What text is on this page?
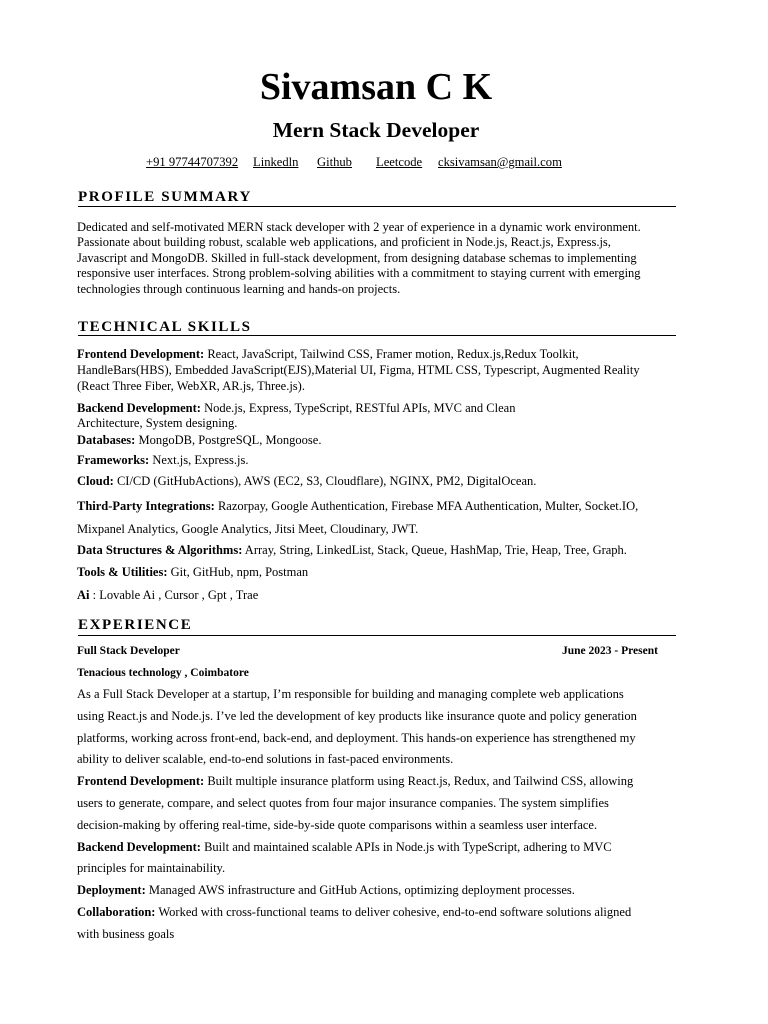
Sivamsan C K
Mern Stack Developer
+91 97744707392 Linkedln Github Leetcode cksivamsan@gmail.com
PROFILE SUMMARY
Dedicated and self-motivated MERN stack developer with 2 year of experience in a dynamic work environment.
Passionate about building robust, scalable web applications, and proficient in Node.js, React.js, Express.js,
Javascript and MongoDB. Skilled in full-stack development, from designing database schemas to implementing
responsive user interfaces. Strong problem-solving abilities with a commitment to staying current with emerging
technologies through continuous learning and hands-on projects.
TECHNICAL SKILLS
Frontend Development: React, JavaScript, Tailwind CSS, Framer motion, Redux.js,Redux Toolkit,
HandleBars(HBS), Embedded JavaScript(EJS),Material UI, Figma, HTML CSS, Typescript, Augmented Reality
(React Three Fiber, WebXR, AR.js, Three.js).
Backend Development: Node.js, Express, TypeScript, RESTful APIs, MVC and Clean
Architecture, System designing.
Databases: MongoDB, PostgreSQL, Mongoose.
Frameworks: Next.js, Express.js.
Cloud: CI/CD (GitHubActions), AWS (EC2, S3, Cloudflare), NGINX, PM2, DigitalOcean.
Third-Party Integrations: Razorpay, Google Authentication, Firebase MFA Authentication, Multer, Socket.IO,
Mixpanel Analytics, Google Analytics, Jitsi Meet, Cloudinary, JWT.
Data Structures & Algorithms: Array, String, LinkedList, Stack, Queue, HashMap, Trie, Heap, Tree, Graph.
Tools & Utilities: Git, GitHub, npm, Postman
Ai : Lovable Ai , Cursor , Gpt , Trae
EXPERIENCE
Full Stack Developer	June 2023 - Present
Tenacious technology , Coimbatore
As a Full Stack Developer at a startup, I’m responsible for building and managing complete web applications
using React.js and Node.js. I’ve led the development of key products like insurance quote and policy generation
platforms, working across front-end, back-end, and deployment. This hands-on experience has strengthened my
ability to deliver scalable, end-to-end solutions in fast-paced environments.
Frontend Development: Built multiple insurance platform using React.js, Redux, and Tailwind CSS, allowing
users to generate, compare, and select quotes from four major insurance companies. The system simplifies
decision-making by offering real-time, side-by-side quote comparisons within a seamless user interface.
Backend Development: Built and maintained scalable APIs in Node.js with TypeScript, adhering to MVC
principles for maintainability.
Deployment: Managed AWS infrastructure and GitHub Actions, optimizing deployment processes.
Collaboration: Worked with cross-functional teams to deliver cohesive, end-to-end software solutions aligned
with business goals
